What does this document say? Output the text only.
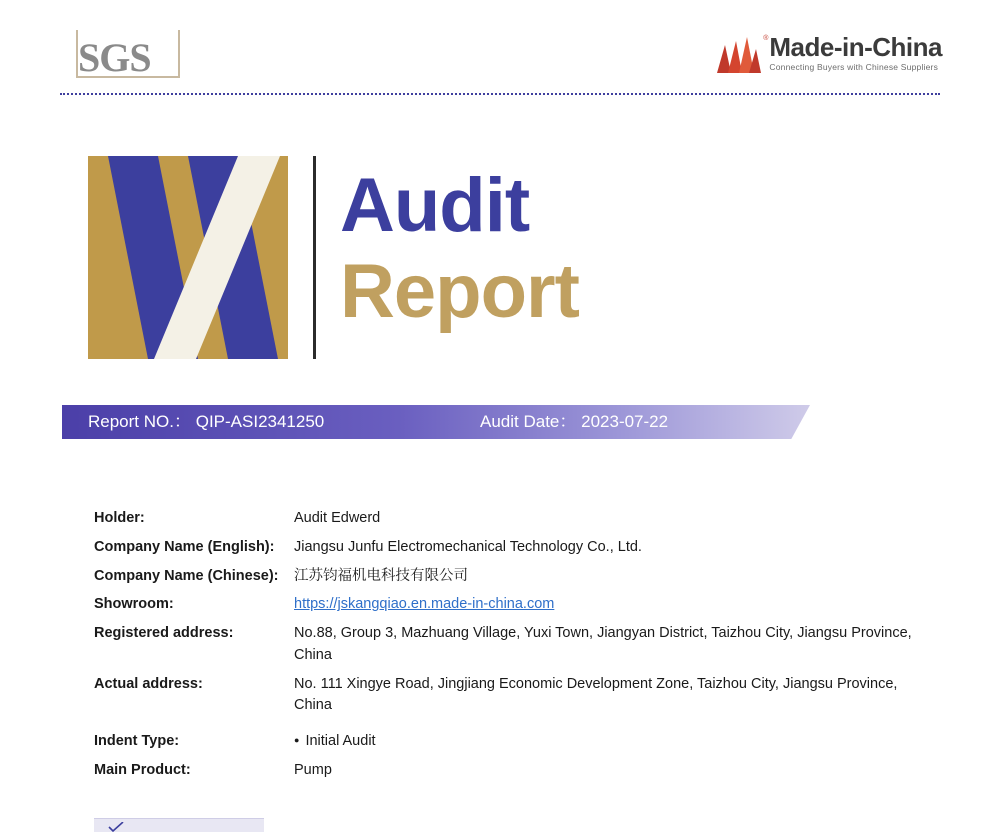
SGS	® Made-in-China
Connecting Buyers with Chinese Suppliers
Audit
Report
Report NO.： QIP-ASI2341250	Audit Date： 2023-07-22
Holder:	Audit Edwerd
Company Name (English):	Jiangsu Junfu Electromechanical Technology Co., Ltd.
Company Name (Chinese):	江苏钧福机电科技有限公司
Showroom:	https://jskangqiao.en.made-in-china.com
Registered address:	No.88, Group 3, Mazhuang Village, Yuxi Town, Jiangyan District, Taizhou City, Jiangsu Province, China
Actual address:	No. 111 Xingye Road, Jingjiang Economic Development Zone, Taizhou City, Jiangsu Province, China
Indent Type:	● Initial Audit
Main Product:	Pump
